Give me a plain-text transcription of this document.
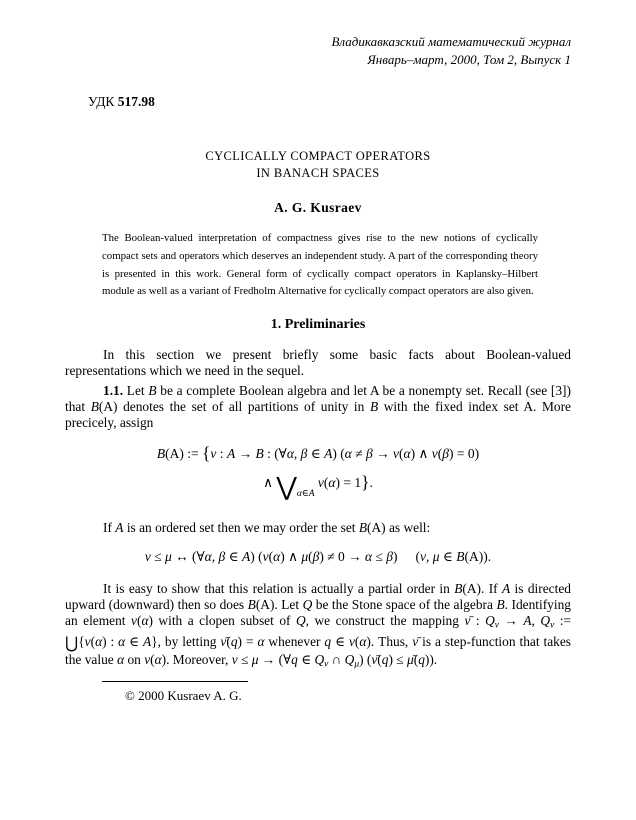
Владикавказский математический журнал
Январь–март, 2000, Том 2, Выпуск 1
УДК 517.98
CYCLICALLY COMPACT OPERATORS
IN BANACH SPACES
A. G. Kusraev
The Boolean-valued interpretation of compactness gives rise to the new notions of cyclically compact sets and operators which deserves an independent study. A part of the corresponding theory is presented in this work. General form of cyclically compact operators in Kaplansky–Hilbert module as well as a variant of Fredholm Alternative for cyclically compact operators are also given.
1. Preliminaries

In this section we present briefly some basic facts about Boolean-valued representations which we need in the sequel.

1.1. Let B be a complete Boolean algebra and let A be a nonempty set. Recall (see [3]) that B(A) denotes the set of all partitions of unity in B with the fixed index set A. More precicely, assign

B(A) := {ν : A → B : (∀α, β ∈ A) (α ≠ β → ν(α) ∧ ν(β) = 0)
∧ $⋁_{\alpha\in A}$ ν(α) = 1}.

If A is an ordered set then we may order the set B(A) as well:

ν ≤ μ ↔ (∀α, β ∈ A) (ν(α) ∧ μ(β) ≠ 0 → α ≤ β) (ν, μ ∈ B(A)).

It is easy to show that this relation is actually a partial order in B(A). If A is directed upward (downward) then so does B(A). Let Q be the Stone space of the algebra B. Identifying an element ν(α) with a clopen subset of Q, we construct the mapping ν̄ : Qν → A, Qν := ⋃{ν(α) : α ∈ A}, by letting ν̄(q) = α whenever q ∈ ν(α). Thus, ν̄ is a step-function that takes the value α on ν(α). Moreover, ν ≤ μ → (∀q ∈ Qν ∩ Qμ) (ν̄(q) ≤ μ̄(q)).

© 2000 Kusraev A. G.
